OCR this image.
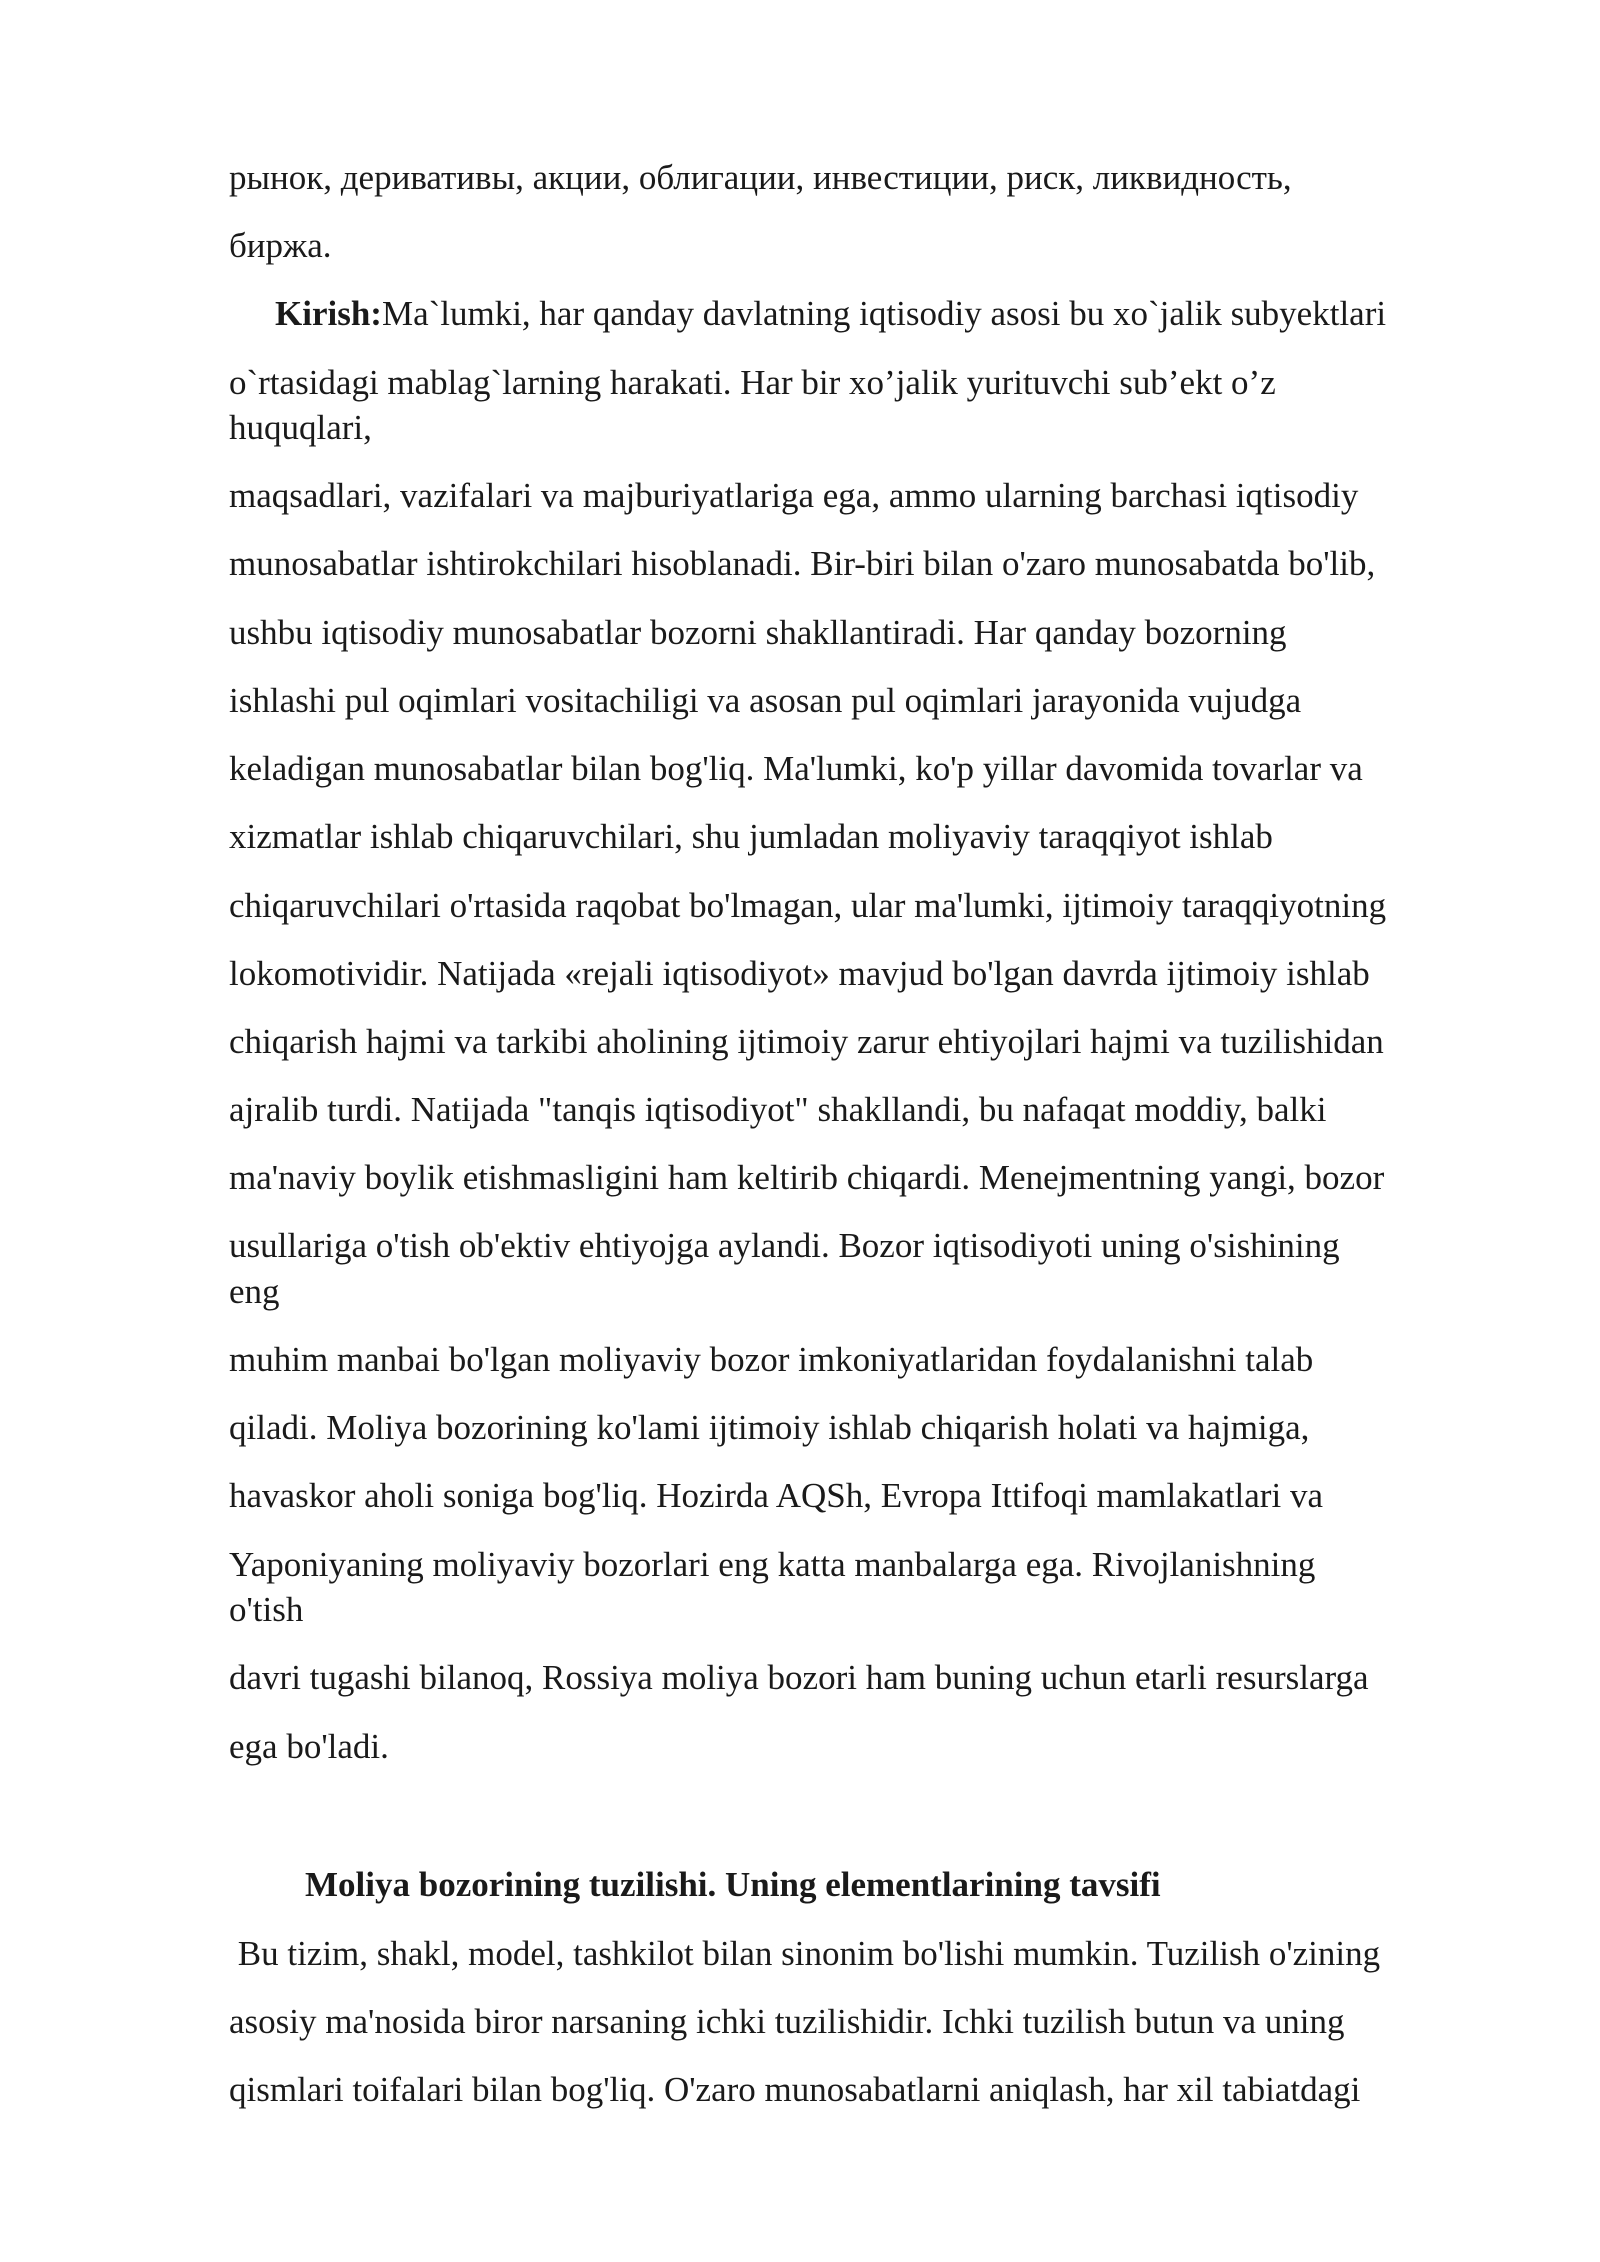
рынок, деривативы, акции, облигации, инвестиции, риск, ликвидность,
биржа.
Kirish:Ma`lumki, har qanday davlatning iqtisodiy asosi bu xo`jalik subyektlari
o`rtasidagi mablag`larning harakati. Har bir xo’jalik yurituvchi sub’ekt o’z
huquqlari,
maqsadlari, vazifalari va majburiyatlariga ega, ammo ularning barchasi iqtisodiy
munosabatlar ishtirokchilari hisoblanadi. Bir-biri bilan o'zaro munosabatda bo'lib,
ushbu iqtisodiy munosabatlar bozorni shakllantiradi. Har qanday bozorning
ishlashi pul oqimlari vositachiligi va asosan pul oqimlari jarayonida vujudga
keladigan munosabatlar bilan bog'liq. Ma'lumki, ko'p yillar davomida tovarlar va
xizmatlar ishlab chiqaruvchilari, shu jumladan moliyaviy taraqqiyot ishlab
chiqaruvchilari o'rtasida raqobat bo'lmagan, ular ma'lumki, ijtimoiy taraqqiyotning
lokomotividir. Natijada «rejali iqtisodiyot» mavjud bo'lgan davrda ijtimoiy ishlab
chiqarish hajmi va tarkibi aholining ijtimoiy zarur ehtiyojlari hajmi va tuzilishidan
ajralib turdi. Natijada "tanqis iqtisodiyot" shakllandi, bu nafaqat moddiy, balki
ma'naviy boylik etishmasligini ham keltirib chiqardi. Menejmentning yangi, bozor
usullariga o'tish ob'ektiv ehtiyojga aylandi. Bozor iqtisodiyoti uning o'sishining
eng
muhim manbai bo'lgan moliyaviy bozor imkoniyatlaridan foydalanishni talab
qiladi. Moliya bozorining ko'lami ijtimoiy ishlab chiqarish holati va hajmiga,
havaskor aholi soniga bog'liq. Hozirda AQSh, Evropa Ittifoqi mamlakatlari va
Yaponiyaning moliyaviy bozorlari eng katta manbalarga ega. Rivojlanishning
o'tish
davri tugashi bilanoq, Rossiya moliya bozori ham buning uchun etarli resurslarga
ega bo'ladi.
Moliya bozorining tuzilishi. Uning elementlarining tavsifi
Bu tizim, shakl, model, tashkilot bilan sinonim bo'lishi mumkin. Tuzilish o'zining
asosiy ma'nosida biror narsaning ichki tuzilishidir. Ichki tuzilish butun va uning
qismlari toifalari bilan bog'liq. O'zaro munosabatlarni aniqlash, har xil tabiatdagi
